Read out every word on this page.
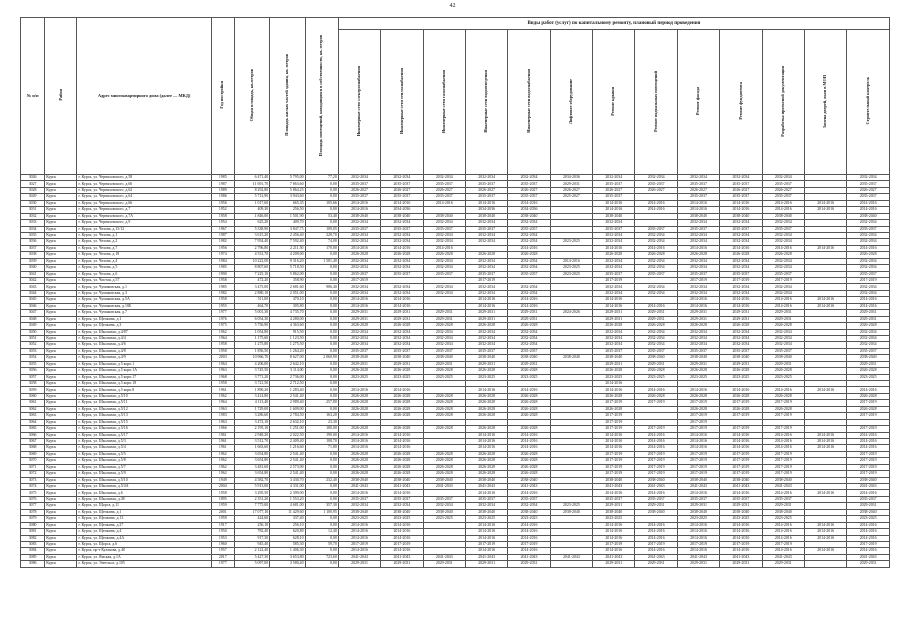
42
№ п/п	Район	Адрес многоквартирного дома (далее — МКД)	Год постройки	Общая площадь, кв.метров	Площадь жилых частей здания, кв. метров	Площадь помещений, находящихся в собственности, кв. метров	Виды работ (услуг) по капитальному ремонту, плановый период проведения												
							Инженерные сети электроснабжения	Инженерные сети теплоснабжения	Инженерные сети газоснабжения	Инженерные сети водоотведения	Инженерные сети водоснабжения	Лифтовое оборудование	Ремонт крыши	Ремонт подвальных помещений	Ремонт фасада	Ремонт фундамента	Разработка проектной документации	Замена дверей, окон в МОП	Строительный контроль
3026	Курск	г. Курск, ул. Черняховского, д.58	1985	6 471,40	5 795,00	77,20	2032-2034	2032-2034	2032-2034	2032-2034	2032-2034	2034-2036	2032-2034	2032-2034	2032-2034	2032-2034	2032-2034		2032-2034
3027	Курск	г. Курск, ул. Черняховского, д.60	1987	11 691,70	7 863,60	0,00	2035-2037	2035-2037	2035-2037	2035-2037	2035-2037	2029-2031	2035-2037	2035-2037	2035-2037	2035-2037	2035-2037		2035-2037
3028	Курск	г. Курск, ул. Черняховского, д.62	1989	8 292,80	5 864,25	0,00	2026-2027	2026-2027	2026-2027	2026-2027	2026-2027	2026-2027	2026-2027	2026-2027	2026-2027	2026-2027	2026-2027		2026-2027
3029	Курск	г. Курск, ул. Черняховского, д.64	1986	5 712,90	3 943,60	0,00	2035-2037	2035-2037	2035-2037	2035-2037	2035-2037	2025-2027	2035-2037		2035-2037	2035-2037	2035-2037		2035-2037
3030	Курск	г. Курск, ул. Черняховского, д.66	1956	1 017,60	665,35	105,66	2014-2016	2014-2016	2014-2016	2014-2016	2014-2016		2014-2016	2014-2016	2014-2016	2014-2016	2014-2016	2014-2016	2014-2016
3031	Курск	г. Курск, ул. Черняховского, д.7	1952	409,30	256,50	0,00	2014-2016	2034-2036		2034-2036	2034-2036		2014-2016	2014-2016	2014-2016	2014-2016	2014-2016	2014-2016	2014-2016
3032	Курск	г. Курск, ул. Черняховского, д.7А	1958	1 846,00	1 501,90	53,40	2038-2040	2038-2040	2038-2040	2038-2040	2038-2040		2038-2040		2038-2040	2038-2040	2038-2040		2038-2040
3033	Курск	г. Курск, ул. Черняховского, д.9	1954	625,20	409,70	0,00	2032-2034	2032-2034	2032-2034	2032-2034	2032-2034		2032-2034		2032-2034	2032-2034	2032-2034		2032-2034
3034	Курск	г. Курск, ул. Чехова, д.15/12	1967	5 338,90	3 847,75	109,05	2035-2037	2035-2037	2035-2037	2035-2037	2035-2037		2035-2037	2035-2037	2035-2037	2035-2037	2035-2037		2035-2037
3035	Курск	г. Курск, ул. Чехова, д.1	1987	3 615,20	2 456,40	228,70	2032-2034	2032-2034	2032-2034	2032-2034	2032-2034		2032-2034	2032-2034	2032-2034	2032-2034	2032-2034		2032-2034
3036	Курск	г. Курск, ул. Чехова, д.2	1982	7 954,40	7 592,40	74,00	2032-2034	2032-2034	2032-2034	2032-2034	2032-2034	2023-2025	2032-2034	2032-2034	2032-2034	2032-2034	2032-2034		2032-2034
3037	Курск	г. Курск, ул. Чехова, д.7	1956	2 796,80	2 211,50	170,00	2014-2016	2014-2016	2014-2016		2014-2016		2014-2016	2014-2016	2014-2016	2014-2016	2014-2016	2014-2016	2014-2016
3038	Курск	г. Курск, ул. Чехова, д.18	1974	4 531,70	4 209,00	0,00	2026-2028	2026-2028	2026-2028	2026-2028	2026-2028		2026-2028	2026-2028	2026-2028	2026-2028	2026-2028		2026-2028
3039	Курск	г. Курск, ул. Чехова, д.4	1984	10 222,00	9 316,20	1 581,40	2032-2034	2032-2034	2032-2034	2032-2034	2032-2034	2014-2016	2032-2034	2032-2034	2032-2034	2032-2034	2032-2034		2032-2034
3040	Курск	г. Курск, ул. Чехова, д.5	1985	8 807,60	5 718,50	0,00	2032-2034	2032-2034	2032-2034	2032-2034	2032-2034	2023-2025	2032-2034	2032-2034	2032-2034	2032-2034	2032-2034		2032-2034
3041	Курск	г. Курск, ул. Чехова, д.6	1990	7 225,10	5 862,00	0,00	2035-2037	2035-2037	2035-2037	2035-2037	2035-2037	2023-2025	2035-2037	2035-2037	2035-2037	2035-2037	2035-2037		2035-2037
3042	Курск	г. Курск, ул. Чистая, д.57	1958	472,20	358,90	0,00	2017-2019			2017-2019			2017-2019		2017-2019	2017-2019	2017-2019		2017-2019
3043	Курск	г. Курск, ул. Чумаковская, д.1	1985	3 475,00	2 681,60	986,40	2032-2034	2032-2034	2032-2034	2032-2034	2032-2034		2032-2034	2032-2034	2032-2034	2032-2034	2032-2034		2032-2034
3044	Курск	г. Курск, ул. Чумаковская, д.3	1982	2 880,10	2 051,00	0,00	2032-2034	2032-2034	2032-2034	2032-2034	2032-2034		2032-2034	2032-2034	2032-2034	2032-2034	2032-2034		2032-2034
3045	Курск	г. Курск, ул. Чумаковская, д.5А	1958	511,00	470,10	0,00	2014-2016	2014-2016		2014-2016	2014-2016		2014-2016		2014-2016	2014-2016	2014-2016	2014-2016	2014-2016
3046	Курск	г. Курск, ул. Чумаковская, д.10Б	1955	464,70	305,80	0,00	2014-2016	2014-2016		2014-2016	2014-2016		2014-2016	2014-2016	2014-2016	2014-2016	2014-2016	2014-2016	2014-2016
3047	Курск	г. Курск, ул. Чумаковская, д.7	1977	5 001,30	4 735,70	0,00	2029-2031	2029-2031	2029-2031	2029-2031	2029-2031	2024-2026	2029-2031	2029-2031	2029-2031	2029-2031	2029-2031		2029-2031
3048	Курск	г. Курск, ул. Щепкина, д.1	1976	6 054,30	4 280,00	0,00	2029-2031	2029-2031	2029-2031	2029-2031	2029-2031		2029-2031	2029-2031	2029-2031	2029-2031	2029-2031		2029-2031
3049	Курск	г. Курск, ул. Щепкина, д.3	1975	5 756,90	4 363,60	0,00	2026-2028	2026-2028	2026-2028	2026-2028	2026-2028		2026-2028	2026-2028	2026-2028	2026-2028	2026-2028		2026-2028
3050	Курск	г. Курск, ул. Школьная, д.4/87	1962	1 054,80	915,50	0,00	2032-2034	2032-2034	2032-2034	2032-2034	2032-2034		2032-2034	2032-2034	2032-2034	2032-2034	2032-2034		2032-2034
3051	Курск	г. Курск, ул. Школьная, д.4/4	1964	1 175,60	1 123,50	0,00	2032-2034	2032-2034	2032-2034	2032-2034	2032-2034		2032-2034	2032-2034	2032-2034	2032-2034	2032-2034		2032-2034
3052	Курск	г. Курск, ул. Школьная, д.4/6	1958	1 275,80	1 275,50	0,00	2032-2034	2032-2034	2032-2034	2032-2034	2032-2034		2032-2034	2032-2034	2032-2034	2032-2034	2032-2034		2032-2034
3053	Курск	г. Курск, ул. Школьная, д.4/8	1958	1 856,50	1 264,20	0,00	2035-2037	2035-2037	2035-2037	2035-2037	2035-2037		2035-2037	2035-2037	2035-2037	2035-2037	2035-2037		2035-2037
3054	Курск	г. Курск, ул. Школьная, д.4/9	2003	10 966,70	8 627,00	2 060,90	2038-2040	2038-2040	2038-2040	2038-2040	2038-2040	2038-2040	2038-2040	2038-2040	2038-2040	2038-2040	2038-2040		2038-2040
3055	Курск	г. Курск, ул. Школьная, д.5 корп.1	1964	4 206,00	2 642,10	0,00	2029-2031	2029-2031	2029-2031	2029-2031	2029-2031		2029-2031	2029-2031	2029-2031	2029-2031	2029-2031		2029-2031
3056	Курск	г. Курск, ул. Школьная, д.5 корп.1А	1963	3 745,50	3 114,00	0,00	2026-2028	2026-2028	2026-2028	2026-2028	2026-2028		2026-2028	2026-2028	2026-2028	2026-2028	2026-2028		2026-2028
3057	Курск	г. Курск, ул. Школьная, д.5 корп.17	1968	3 771,20	2 736,00	0,00	2023-2025	2023-2025	2023-2025	2023-2025	2023-2025		2023-2025	2023-2025	2023-2025	2023-2025	2023-2025		2023-2025
3058	Курск	г. Курск, ул. Школьная, д.5 корп.18	1958	3 721,50	2 712,50	0,00							2014-2016						
3059	Курск	г. Курск, ул. Школьная, д.5 корп.8	1961	1 890,20	1 283,40	0,00	2014-2016	2014-2016		2014-2016	2014-2016		2014-2016	2014-2016	2014-2016	2014-2016	2014-2016	2014-2016	2014-2016
3060	Курск	г. Курск, ул. Школьная, д.5/10	1962	3 414,80	2 541,40	0,00	2026-2028	2026-2028	2026-2028	2026-2028	2026-2028		2026-2028	2026-2028	2026-2028	2026-2028	2026-2028		2026-2028
3061	Курск	г. Курск, ул. Школьная, д.5/11	1964	4 113,40	2 989,40	257,80	2026-2028	2026-2028	2026-2028	2026-2028	2026-2028		2017-2019	2017-2019	2017-2019	2017-2019	2017-2019		2017-2019
3062	Курск	г. Курск, ул. Школьная, д.5/12	1963	1 729,00	1 609,00	0,00	2026-2028	2026-2028	2026-2028	2026-2028	2026-2028		2026-2028		2026-2028	2026-2028	2026-2028		2026-2028
3063	Курск	г. Курск, ул. Школьная, д.5/13	1983	3 286,60	2 784,50	163,20	2026-2028	2026-2028	2026-2028	2026-2028	2026-2028		2017-2019		2017-2019	2017-2019	2017-2019		2017-2019
3064	Курск	г. Курск, ул. Школьная, д.5/15	1963	3 472,10	2 632,10	23,30							2017-2019		2017-2019				
3065	Курск	г. Курск, ул. Школьная, д.5/16	1966	2 195,10	1 251,00	180,00	2026-2028	2026-2028	2026-2028	2026-2028	2026-2028		2017-2019	2017-2019	2017-2019	2017-2019	2017-2019		2017-2019
3066	Курск	г. Курск, ул. Школьная, д.5/17	1961	2 948,20	2 022,50	190,00	2014-2016	2014-2016		2014-2016	2014-2016		2014-2016	2014-2016	2014-2016	2014-2016	2014-2016	2014-2016	2014-2016
3067	Курск	г. Курск, ул. Школьная, д.5/3	1961	3 512,70	2 409,40	108,70	2014-2016	2014-2016		2014-2016	2014-2016		2014-2016	2014-2016	2014-2016	2014-2016	2014-2016	2014-2016	2014-2016
3068	Курск	г. Курск, ул. Школьная, д.5/4	1961	1 663,60	1 216,60	71,80	2014-2016	2014-2016		2014-2016	2014-2016		2014-2016	2014-2016	2014-2016	2014-2016	2014-2016	2014-2016	2014-2016
3069	Курск	г. Курск, ул. Школьная, д.5/5	1962	3 654,80	2 541,40	0,00	2026-2028	2026-2028	2026-2028	2026-2028	2026-2028		2017-2019	2017-2019	2017-2019	2017-2019	2017-2019		2017-2019
3070	Курск	г. Курск, ул. Школьная, д.5/8	1962	3 654,80	2 541,40	0,00	2026-2028	2026-2028	2026-2028	2026-2028	2026-2028		2017-2019	2017-2019	2017-2019	2017-2019	2017-2019		2017-2019
3071	Курск	г. Курск, ул. Школьная, д.5/7	1962	3 481,60	2 573,90	0,00	2026-2028	2026-2028	2026-2028	2026-2028	2026-2028		2017-2019	2017-2019	2017-2019	2017-2019	2017-2019		2017-2019
3072	Курск	г. Курск, ул. Школьная, д.5/9	1962	3 654,80	2 541,40	0,00	2026-2028	2026-2028	2026-2028	2026-2028	2026-2028		2017-2019	2017-2019	2017-2019	2017-2019	2017-2019		2017-2019
3073	Курск	г. Курск, ул. Школьная, д.5/10	1949	4 582,70	3 430,70	232,40	2038-2040	2038-2040	2038-2040	2038-2040	2038-2040		2038-2040	2038-2040	2038-2040	2038-2040	2038-2040		2038-2040
3074	Курск	г. Курск, ул. Школьная, д.5/4А	2004	5 913,00	4 331,00	0,00	2041-2043	2041-2043	2041-2043	2041-2043	2041-2043		2041-2043	2041-2043	2041-2043	2041-2043	2041-2043		2041-2043
3075	Курск	г. Курск, ул. Школьная, д.6	1958	3 295,50	2 399,00	0,00	2014-2016	2014-2016		2014-2016	2014-2016		2014-2016	2014-2016	2014-2016	2014-2016	2014-2016	2014-2016	2014-2016
3076	Курск	г. Курск, ул. Школьная, д.38	1895	2 351,20	1 553,20	0,00	2035-2037	2035-2037	2035-2037	2035-2037	2035-2037		2035-2037	2035-2037	2035-2037	2035-2037	2035-2037		2035-2037
3077	Курск	г. Курск, ул. Щорса, д.11	1959	7 775,00	4 681,00	357,30	2032-2034	2032-2034	2032-2034	2032-2034	2032-2034	2023-2025	2029-2031	2029-2031	2029-2031	2029-2031	2029-2031		2029-2031
3078	Курск	г. Курск, ул. Щепкина, д.1	2001	17 077,10	11 429,60	1 100,95	2038-2040	2038-2040	2038-2040	2038-2040	2038-2040	2038-2040	2038-2040	2038-2040	2038-2040	2038-2040	2038-2040		2038-2040
3079	Курск	г. Курск, ул. Щепкина, д.13	1959	424,60	337,40	0,00	2023-2025	2023-2025	2023-2025	2023-2025	2023-2025		2023-2025		2023-2025	2023-2025	2023-2025		2023-2025
3080	Курск	г. Курск, ул. Щепкина, д.27	1917	256,10	256,10	0,00	2014-2016	2014-2016		2014-2016	2014-2016		2014-2016	2014-2016	2014-2016	2014-2016	2014-2016	2014-2016	2014-2016
3081	Курск	г. Курск, ул. Щепкина, д.4	1950	782,40	620,80	12,40	2014-2016	2014-2016		2014-2016	2014-2016		2014-2016	2014-2016	2014-2016	2014-2016	2014-2016	2014-2016	2014-2016
3082	Курск	г. Курск, ул. Щепкина, д.4А	1953	917,30	628,10	0,00	2014-2016	2014-2016		2014-2016	2014-2016		2014-2016	2014-2016	2014-2016	2014-2016	2014-2016	2014-2016	2014-2016
3083	Курск	г. Курск, ул. Щорса, д.6	1960	945,40	585,30	59,70	2017-2019	2017-2019		2017-2019	2017-2019		2017-2019	2017-2019	2017-2019	2017-2019	2017-2019		2017-2019
3084	Курск	г. Курск, пр-т Кулакова, д.40	1957	2 122,40	1 406,30	0,00	2014-2016	2014-2016		2014-2016	2014-2016		2014-2016	2014-2016	2014-2016	2014-2016	2014-2016	2014-2016	2014-2016
3085	Курск	г. Курск, ул. Ямская, д.1А	2017	5 427,30	3 653,80	723,60	2041-2043	2041-2043	2041-2043	2041-2043	2041-2043	2041-2043	2041-2043	2041-2043	2041-2043	2041-2043	2041-2043		2041-2043
3086	Курск	г. Курск, ул. Энгельса, д.105	1977	5 097,00	3 580,40	0,00	2029-2031	2029-2031	2029-2031	2029-2031	2029-2031		2029-2031	2029-2031	2029-2031	2029-2031	2029-2031		2029-2031
